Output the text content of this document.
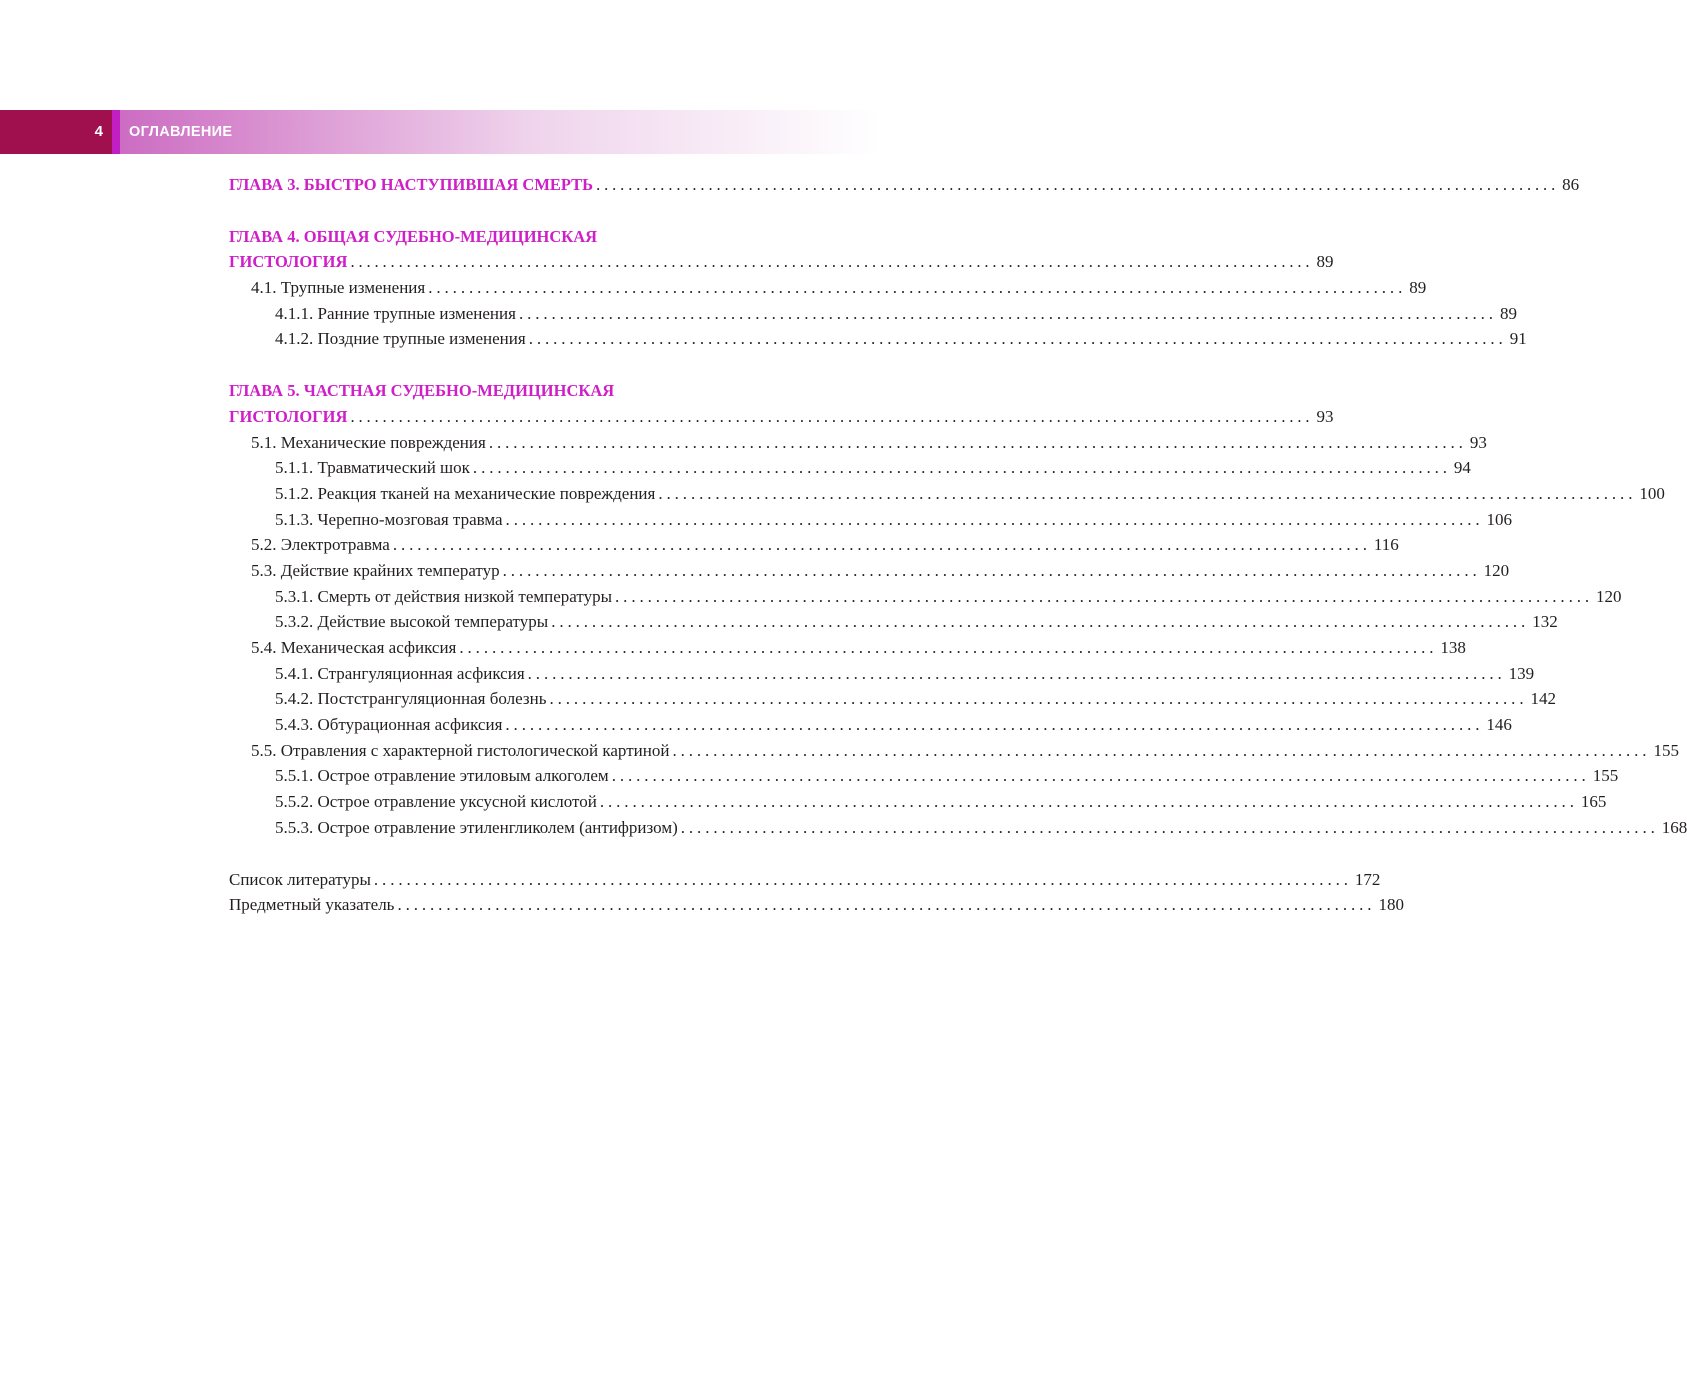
4	ОГЛАВЛЕНИЕ
ГЛАВА 3. БЫСТРО НАСТУПИВШАЯ СМЕРТЬ ........................................................................................................................ 86
ГЛАВА 4. ОБЩАЯ СУДЕБНО-МЕДИЦИНСКАЯ
ГИСТОЛОГИЯ ........................................................................................................................ 89
4.1. Трупные изменения ........................................................................................................................ 89
4.1.1. Ранние трупные изменения ........................................................................................................................ 89
4.1.2. Поздние трупные изменения ........................................................................................................................ 91
ГЛАВА 5. ЧАСТНАЯ СУДЕБНО-МЕДИЦИНСКАЯ
ГИСТОЛОГИЯ ........................................................................................................................ 93
5.1. Механические повреждения ........................................................................................................................ 93
5.1.1. Травматический шок ........................................................................................................................ 94
5.1.2. Реакция тканей на механические повреждения ........................................................................................................................ 100
5.1.3. Черепно-мозговая травма ........................................................................................................................ 106
5.2. Электротравма ........................................................................................................................ 116
5.3. Действие крайних температур ........................................................................................................................ 120
5.3.1. Смерть от действия низкой температуры ........................................................................................................................ 120
5.3.2. Действие высокой температуры ........................................................................................................................ 132
5.4. Механическая асфиксия ........................................................................................................................ 138
5.4.1. Странгуляционная асфиксия ........................................................................................................................ 139
5.4.2. Постстрангуляционная болезнь ........................................................................................................................ 142
5.4.3. Обтурационная асфиксия ........................................................................................................................ 146
5.5. Отравления с характерной гистологической картиной ........................................................................................................................ 155
5.5.1. Острое отравление этиловым алкоголем ........................................................................................................................ 155
5.5.2. Острое отравление уксусной кислотой ........................................................................................................................ 165
5.5.3. Острое отравление этиленгликолем (антифризом) ........................................................................................................................ 168
Список литературы ........................................................................................................................ 172
Предметный указатель ........................................................................................................................ 180
